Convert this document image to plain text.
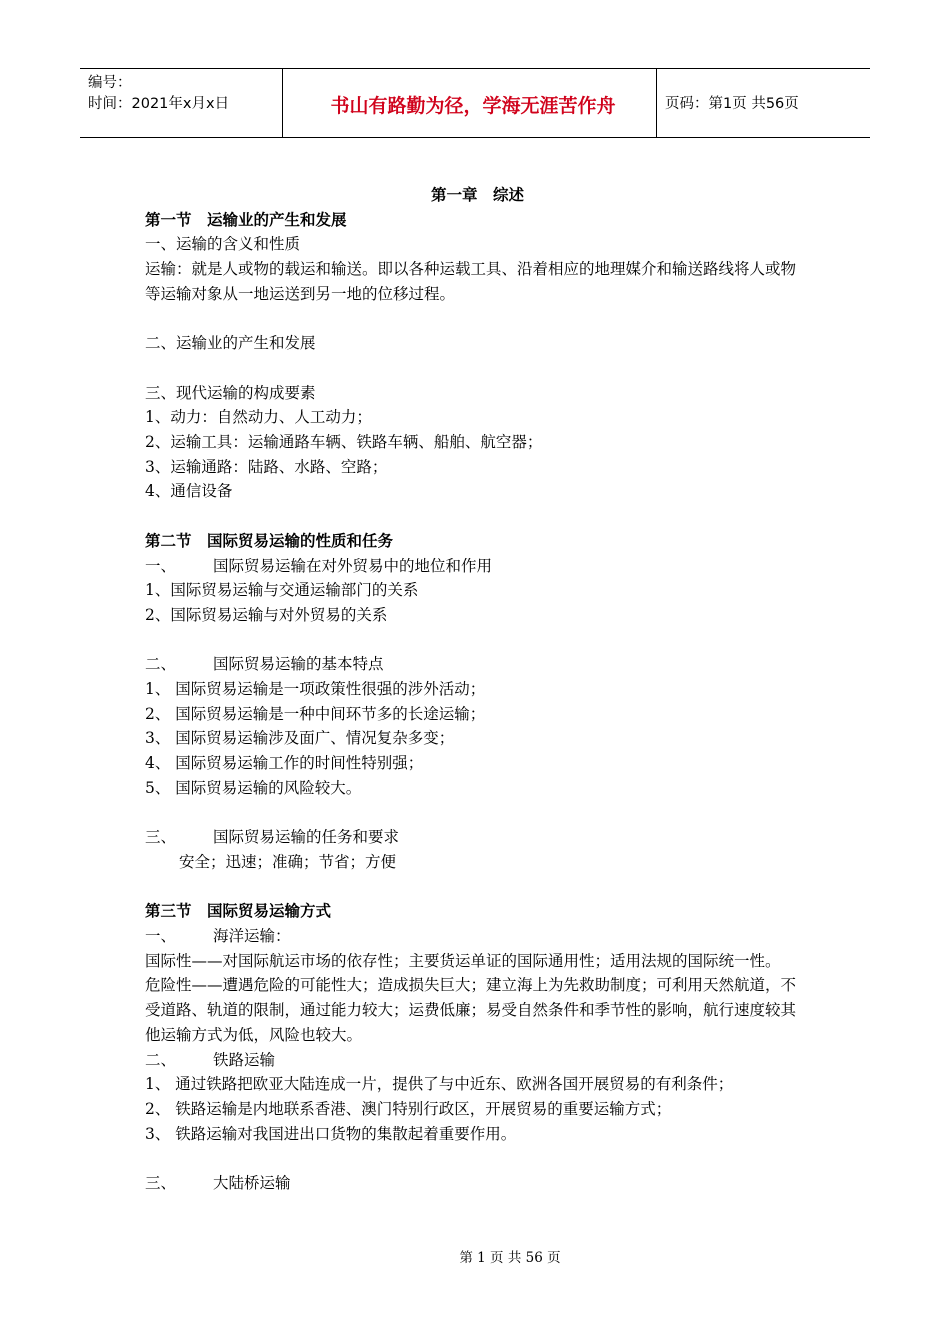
编号：
时间：2021年x月x日	书山有路勤为径，学海无涯苦作舟	页码：第1页 共56页
第一章　综述
第一节　运输业的产生和发展
一、运输的含义和性质
运输：就是人或物的载运和输送。即以各种运载工具、沿着相应的地理媒介和输送路线将人或物等运输对象从一地运送到另一地的位移过程。
二、运输业的产生和发展
三、现代运输的构成要素
1、动力：自然动力、人工动力；
2、运输工具：运输通路车辆、铁路车辆、船舶、航空器；
3、运输通路：陆路、水路、空路；
4、通信设备
第二节　国际贸易运输的性质和任务
一、 国际贸易运输在对外贸易中的地位和作用
1、国际贸易运输与交通运输部门的关系
2、国际贸易运输与对外贸易的关系
二、 国际贸易运输的基本特点
1、 国际贸易运输是一项政策性很强的涉外活动；
2、 国际贸易运输是一种中间环节多的长途运输；
3、 国际贸易运输涉及面广、情况复杂多变；
4、 国际贸易运输工作的时间性特别强；
5、 国际贸易运输的风险较大。
三、 国际贸易运输的任务和要求
安全；迅速；准确；节省；方便
第三节　国际贸易运输方式
一、 海洋运输：
国际性——对国际航运市场的依存性；主要货运单证的国际通用性；适用法规的国际统一性。
危险性——遭遇危险的可能性大；造成损失巨大；建立海上为先救助制度；可利用天然航道，不受道路、轨道的限制，通过能力较大；运费低廉；易受自然条件和季节性的影响，航行速度较其他运输方式为低，风险也较大。
二、 铁路运输
1、 通过铁路把欧亚大陆连成一片，提供了与中近东、欧洲各国开展贸易的有利条件；
2、 铁路运输是内地联系香港、澳门特别行政区，开展贸易的重要运输方式；
3、 铁路运输对我国进出口货物的集散起着重要作用。
三、 大陆桥运输
第 1 页 共 56 页
